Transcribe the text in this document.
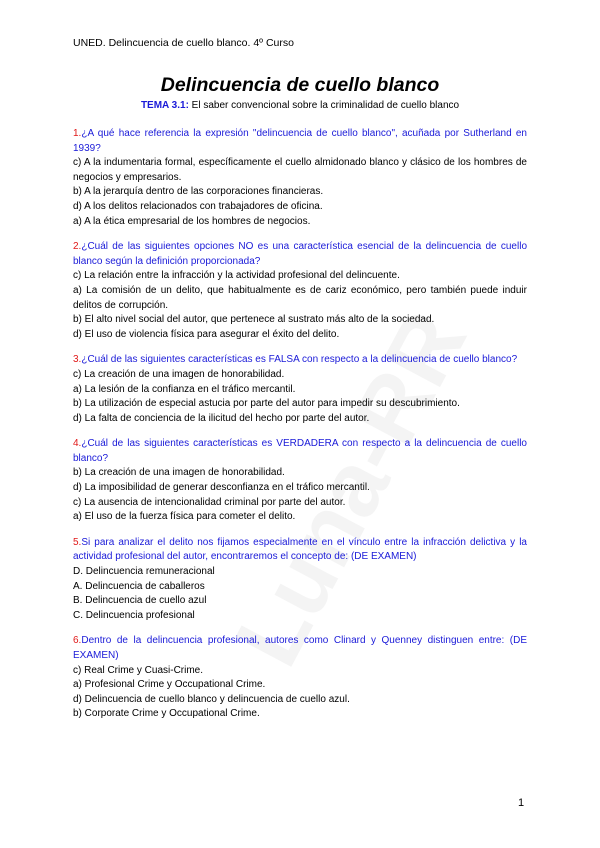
UNED. Delincuencia de cuello blanco. 4º Curso
Delincuencia de cuello blanco
TEMA 3.1: El saber convencional sobre la criminalidad de cuello blanco
1.¿A qué hace referencia la expresión "delincuencia de cuello blanco", acuñada por Sutherland en 1939?
c) A la indumentaria formal, específicamente el cuello almidonado blanco y clásico de los hombres de negocios y empresarios.
b) A la jerarquía dentro de las corporaciones financieras.
d) A los delitos relacionados con trabajadores de oficina.
a) A la ética empresarial de los hombres de negocios.
2.¿Cuál de las siguientes opciones NO es una característica esencial de la delincuencia de cuello blanco según la definición proporcionada?
c) La relación entre la infracción y la actividad profesional del delincuente.
a) La comisión de un delito, que habitualmente es de cariz económico, pero también puede induir delitos de corrupción.
b) El alto nivel social del autor, que pertenece al sustrato más alto de la sociedad.
d) El uso de violencia física para asegurar el éxito del delito.
3.¿Cuál de las siguientes características es FALSA con respecto a la delincuencia de cuello blanco?
c) La creación de una imagen de honorabilidad.
a) La lesión de la confianza en el tráfico mercantil.
b) La utilización de especial astucia por parte del autor para impedir su descubrimiento.
d) La falta de conciencia de la ilicitud del hecho por parte del autor.
4.¿Cuál de las siguientes características es VERDADERA con respecto a la delincuencia de cuello blanco?
b) La creación de una imagen de honorabilidad.
d) La imposibilidad de generar desconfianza en el tráfico mercantil.
c) La ausencia de intencionalidad criminal por parte del autor.
a) El uso de la fuerza física para cometer el delito.
5.Si para analizar el delito nos fijamos especialmente en el vínculo entre la infracción delictiva y la actividad profesional del autor, encontraremos el concepto de: (DE EXAMEN)
D. Delincuencia remuneracional
A. Delincuencia de caballeros
B. Delincuencia de cuello azul
C. Delincuencia profesional
6.Dentro de la delincuencia profesional, autores como Clinard y Quenney distinguen entre: (DE EXAMEN)
c) Real Crime y Cuasi-Crime.
a) Profesional Crime y Occupational Crime.
d) Delincuencia de cuello blanco y delincuencia de cuello azul.
b) Corporate Crime y Occupational Crime.
1
